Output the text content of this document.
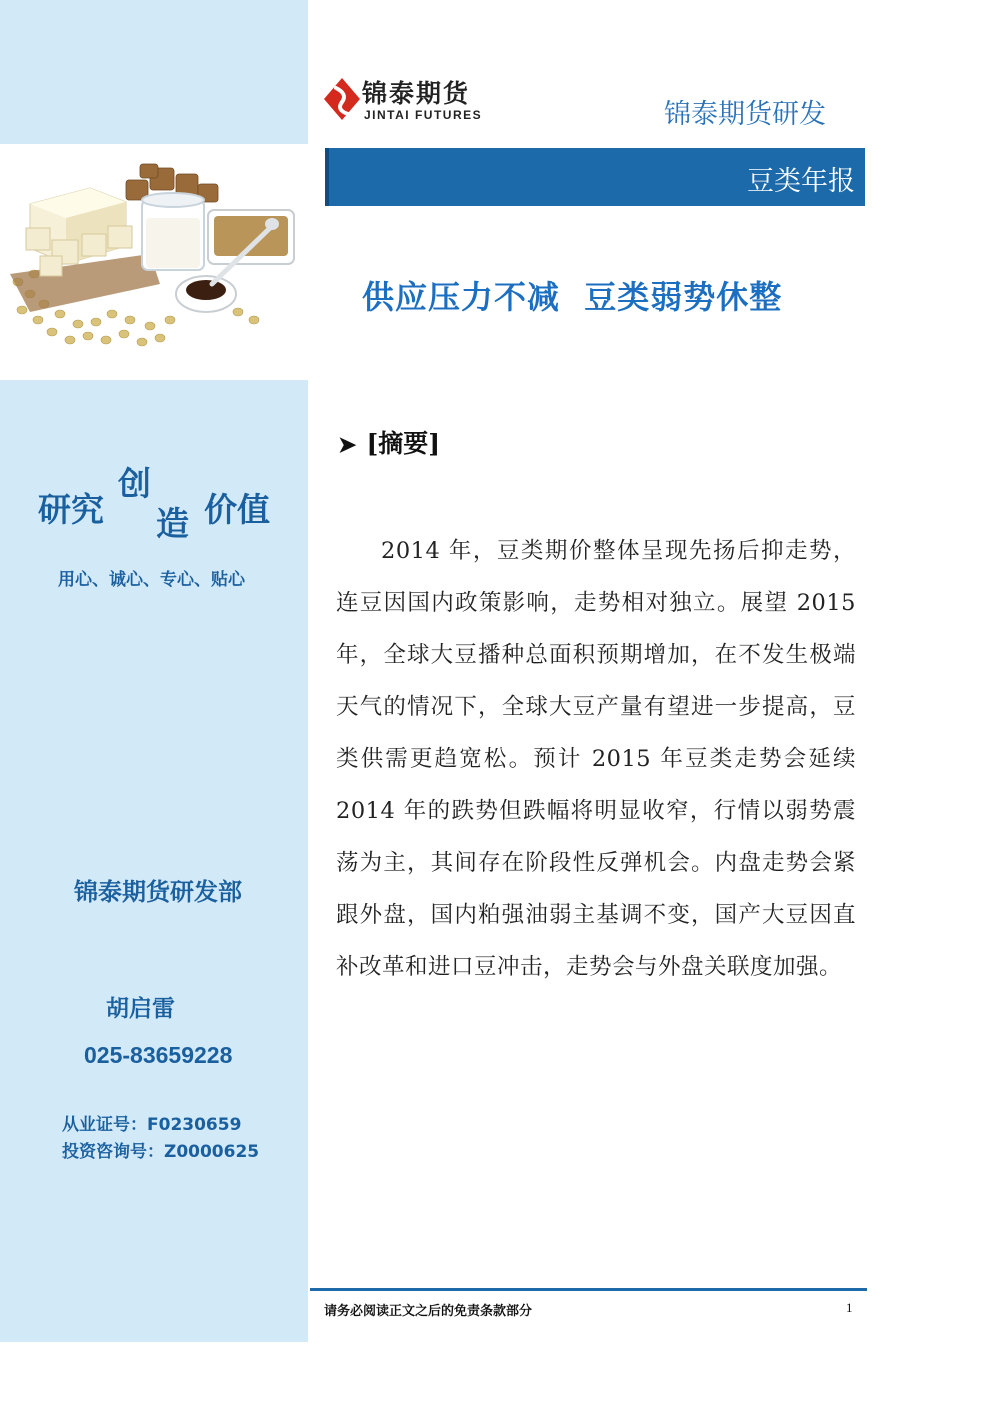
研究
创
造 价值
用心、诚心、专心、贴心
锦泰期货研发部
胡启雷
025-83659228
从业证号：F0230659
投资咨询号：Z0000625
锦泰期货
JINTAI FUTURES	锦泰期货研发
豆类年报
供应压力不减  豆类弱势休整
➤ [摘要]
2014 年，豆类期价整体呈现先扬后抑走势，连豆因国内政策影响，走势相对独立。展望 2015 年，全球大豆播种总面积预期增加，在不发生极端天气的情况下，全球大豆产量有望进一步提高，豆类供需更趋宽松。预计 2015 年豆类走势会延续 2014 年的跌势但跌幅将明显收窄，行情以弱势震荡为主，其间存在阶段性反弹机会。内盘走势会紧跟外盘，国内粕强油弱主基调不变，国产大豆因直补改革和进口豆冲击，走势会与外盘关联度加强。
请务必阅读正文之后的免责条款部分	1
